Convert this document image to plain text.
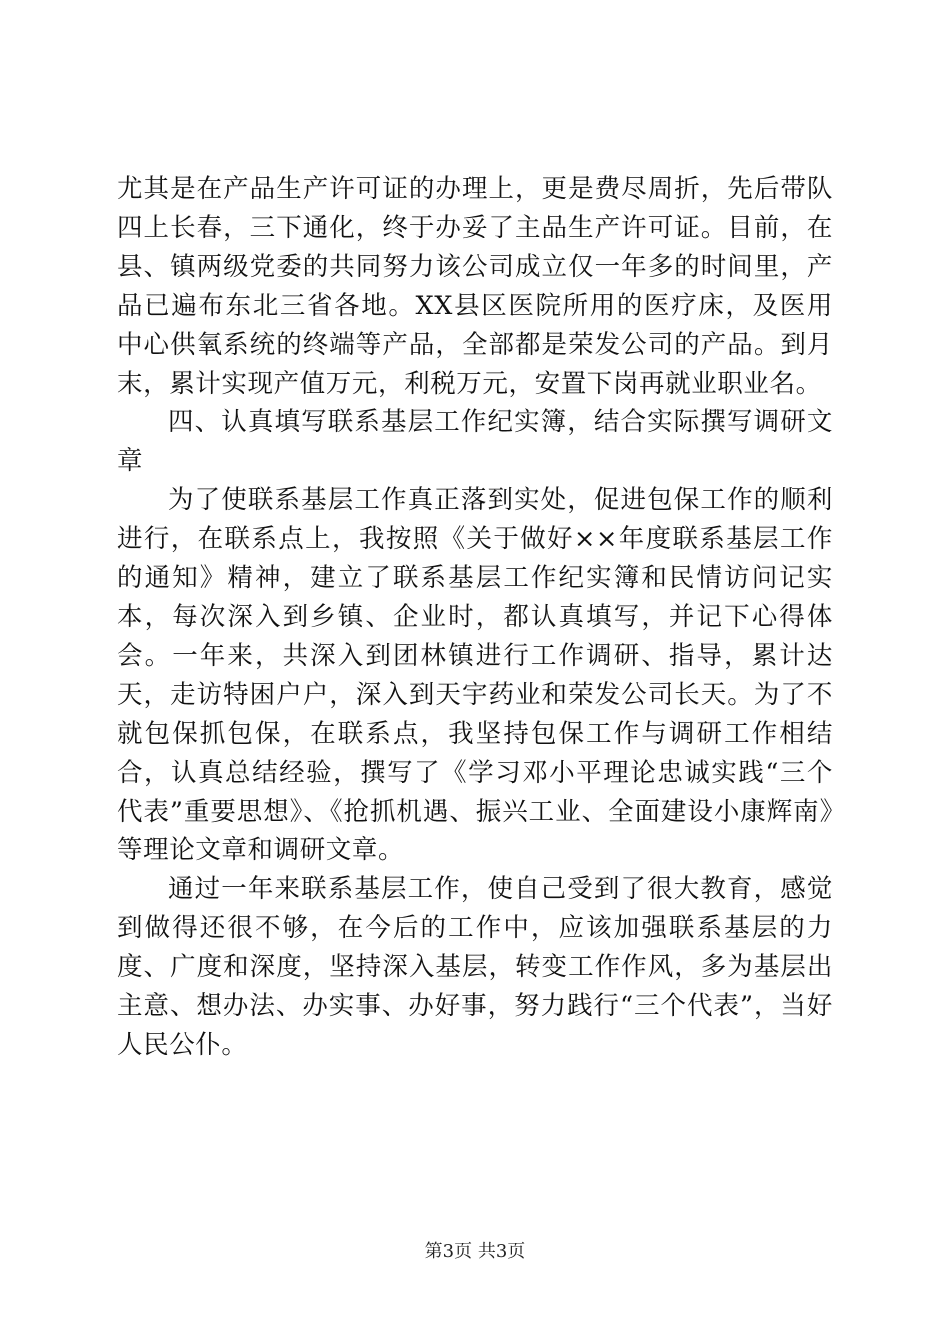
尤其是在产品生产许可证的办理上，更是费尽周折，先后带队四上长春，三下通化，终于办妥了主品生产许可证。目前，在县、镇两级党委的共同努力该公司成立仅一年多的时间里，产品已遍布东北三省各地。XX县区医院所用的医疗床，及医用中心供氧系统的终端等产品，全部都是荣发公司的产品。到月末，累计实现产值万元，利税万元，安置下岗再就业职业名。

四、认真填写联系基层工作纪实簿，结合实际撰写调研文章

为了使联系基层工作真正落到实处，促进包保工作的顺利进行，在联系点上，我按照《关于做好××年度联系基层工作的通知》精神，建立了联系基层工作纪实簿和民情访问记实本，每次深入到乡镇、企业时，都认真填写，并记下心得体会。一年来，共深入到团林镇进行工作调研、指导，累计达天，走访特困户户，深入到天宇药业和荣发公司长天。为了不就包保抓包保，在联系点，我坚持包保工作与调研工作相结合，认真总结经验，撰写了《学习邓小平理论忠诚实践“三个代表”重要思想》、《抢抓机遇、振兴工业、全面建设小康辉南》等理论文章和调研文章。

通过一年来联系基层工作，使自己受到了很大教育，感觉到做得还很不够，在今后的工作中，应该加强联系基层的力度、广度和深度，坚持深入基层，转变工作作风，多为基层出主意、想办法、办实事、办好事，努力践行“三个代表”，当好人民公仆。

第3页 共3页
